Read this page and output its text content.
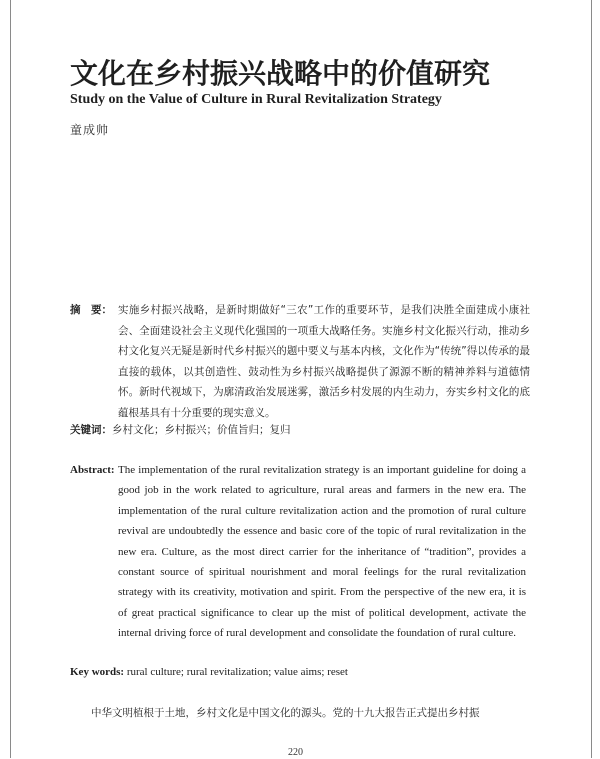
文化在乡村振兴战略中的价值研究
Study on the Value of Culture in Rural Revitalization Strategy
童成帅
摘　要： 实施乡村振兴战略，是新时期做好“三农”工作的重要环节，是我们决胜全面建成小康社会、全面建设社会主义现代化强国的一项重大战略任务。实施乡村文化振兴行动，推动乡村文化复兴无疑是新时代乡村振兴的题中要义与基本内核，文化作为“传统”得以传承的最直接的载体，以其创造性、鼓动性为乡村振兴战略提供了源源不断的精神养料与道德情怀。新时代视域下，为廓清政治发展迷雾，激活乡村发展的内生动力，夯实乡村文化的底蕴根基具有十分重要的现实意义。
关键词：乡村文化；乡村振兴；价值旨归；复归
Abstract: The implementation of the rural revitalization strategy is an important guideline for doing a good job in the work related to agriculture, rural areas and farmers in the new era. The implementation of the rural culture revitalization action and the promotion of rural culture revival are undoubtedly the essence and basic core of the topic of rural revitalization in the new era. Culture, as the most direct carrier for the inheritance of “tradition”, provides a constant source of spiritual nourishment and moral feelings for the rural revitalization strategy with its creativity, motivation and spirit. From the perspective of the new era, it is of great practical significance to clear up the mist of political development, activate the internal driving force of rural development and consolidate the foundation of rural culture.
Key words: rural culture; rural revitalization; value aims; reset
中华文明植根于土地，乡村文化是中国文化的源头。党的十九大报告正式提出乡村振
220
